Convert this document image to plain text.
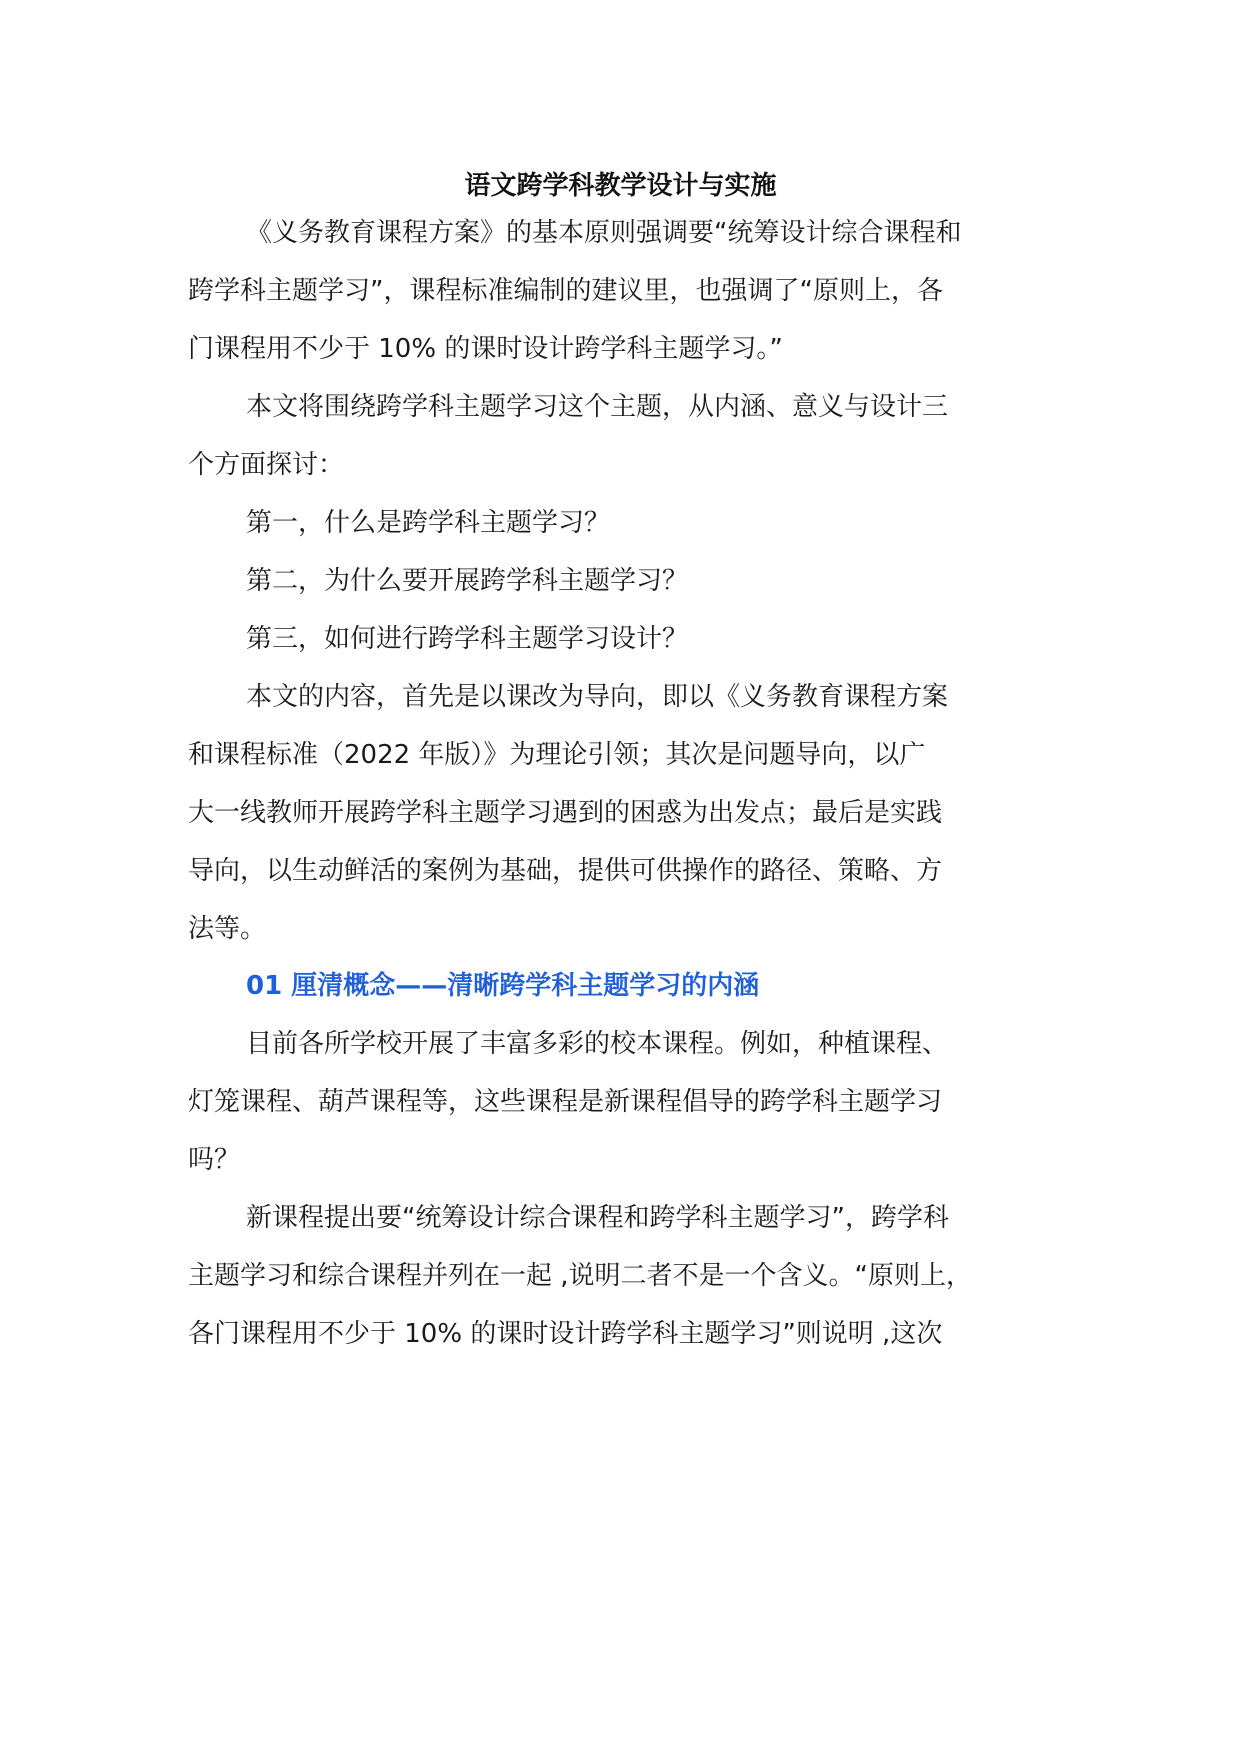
语文跨学科教学设计与实施
《义务教育课程方案》的基本原则强调要“统筹设计综合课程和
跨学科主题学习”，课程标准编制的建议里，也强调了“原则上，各
门课程用不少于 10% 的课时设计跨学科主题学习。”
本文将围绕跨学科主题学习这个主题，从内涵、意义与设计三
个方面探讨：
第一，什么是跨学科主题学习？
第二，为什么要开展跨学科主题学习？
第三，如何进行跨学科主题学习设计？
本文的内容，首先是以课改为导向，即以《义务教育课程方案
和课程标准（2022 年版）》为理论引领；其次是问题导向，以广
大一线教师开展跨学科主题学习遇到的困惑为出发点；最后是实践
导向，以生动鲜活的案例为基础，提供可供操作的路径、策略、方
法等。
01 厘清概念——清晰跨学科主题学习的内涵
目前各所学校开展了丰富多彩的校本课程。例如，种植课程、
灯笼课程、葫芦课程等，这些课程是新课程倡导的跨学科主题学习
吗？
新课程提出要“统筹设计综合课程和跨学科主题学习”，跨学科
主题学习和综合课程并列在一起 ,说明二者不是一个含义。“原则上，
各门课程用不少于 10% 的课时设计跨学科主题学习”则说明 ,这次
